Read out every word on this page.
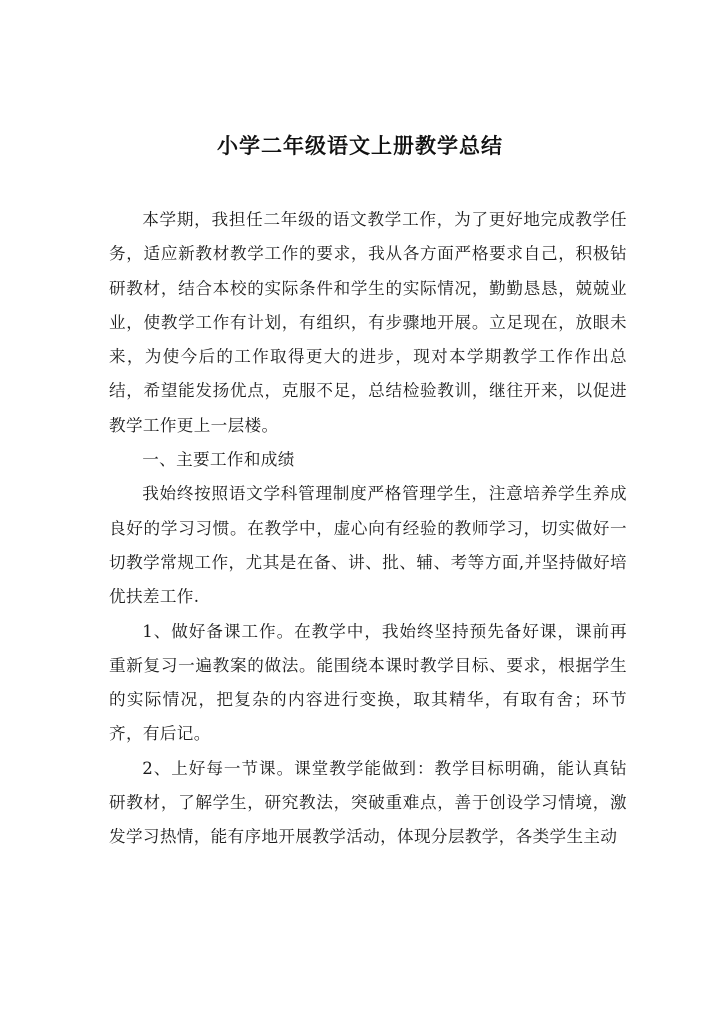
小学二年级语文上册教学总结

本学期，我担任二年级的语文教学工作，为了更好地完成教学任务，适应新教材教学工作的要求，我从各方面严格要求自己，积极钻研教材，结合本校的实际条件和学生的实际情况，勤勤恳恳，兢兢业业，使教学工作有计划，有组织，有步骤地开展。立足现在，放眼未来，为使今后的工作取得更大的进步，现对本学期教学工作作出总结，希望能发扬优点，克服不足，总结检验教训，继往开来，以促进教学工作更上一层楼。

一、主要工作和成绩

我始终按照语文学科管理制度严格管理学生，注意培养学生养成良好的学习习惯。在教学中，虚心向有经验的教师学习，切实做好一切教学常规工作，尤其是在备、讲、批、辅、考等方面,并坚持做好培优扶差工作.

1、做好备课工作。在教学中，我始终坚持预先备好课，课前再重新复习一遍教案的做法。能围绕本课时教学目标、要求，根据学生的实际情况，把复杂的内容进行变换，取其精华，有取有舍；环节齐，有后记。

2、上好每一节课。课堂教学能做到：教学目标明确，能认真钻研教材，了解学生，研究教法，突破重难点，善于创设学习情境，激发学习热情，能有序地开展教学活动，体现分层教学，各类学生主动
